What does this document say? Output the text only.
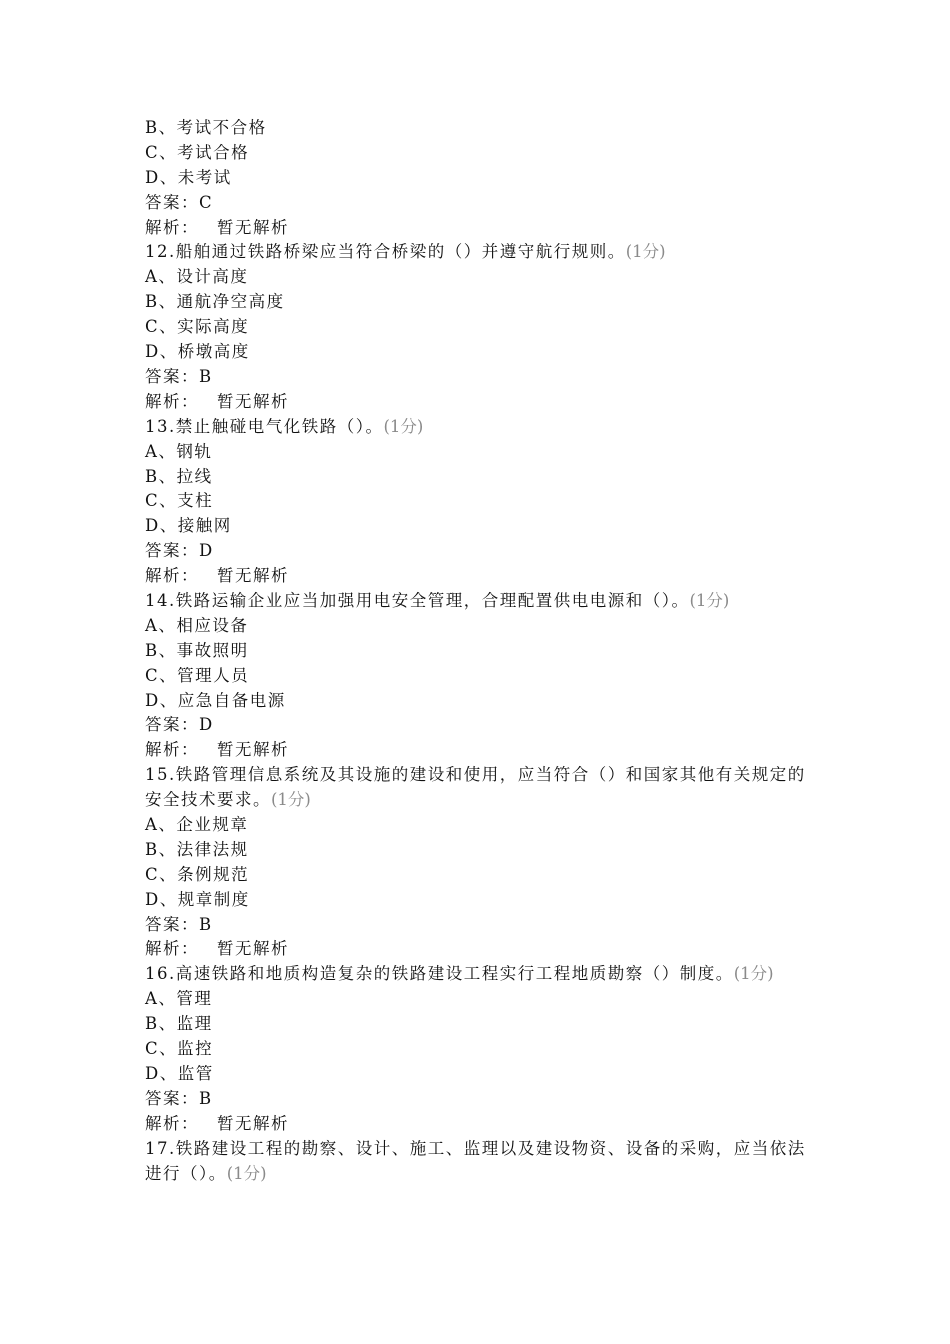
B、考试不合格
C、考试合格
D、未考试
答案：C
解析： 暂无解析
12.船舶通过铁路桥梁应当符合桥梁的（）并遵守航行规则。(1分)
A、设计高度
B、通航净空高度
C、实际高度
D、桥墩高度
答案：B
解析： 暂无解析
13.禁止触碰电气化铁路（）。(1分)
A、钢轨
B、拉线
C、支柱
D、接触网
答案：D
解析： 暂无解析
14.铁路运输企业应当加强用电安全管理，合理配置供电电源和（）。(1分)
A、相应设备
B、事故照明
C、管理人员
D、应急自备电源
答案：D
解析： 暂无解析
15.铁路管理信息系统及其设施的建设和使用，应当符合（）和国家其他有关规定的安全技术要求。(1分)
A、企业规章
B、法律法规
C、条例规范
D、规章制度
答案：B
解析： 暂无解析
16.高速铁路和地质构造复杂的铁路建设工程实行工程地质勘察（）制度。(1分)
A、管理
B、监理
C、监控
D、监管
答案：B
解析： 暂无解析
17.铁路建设工程的勘察、设计、施工、监理以及建设物资、设备的采购，应当依法进行（）。(1分)
